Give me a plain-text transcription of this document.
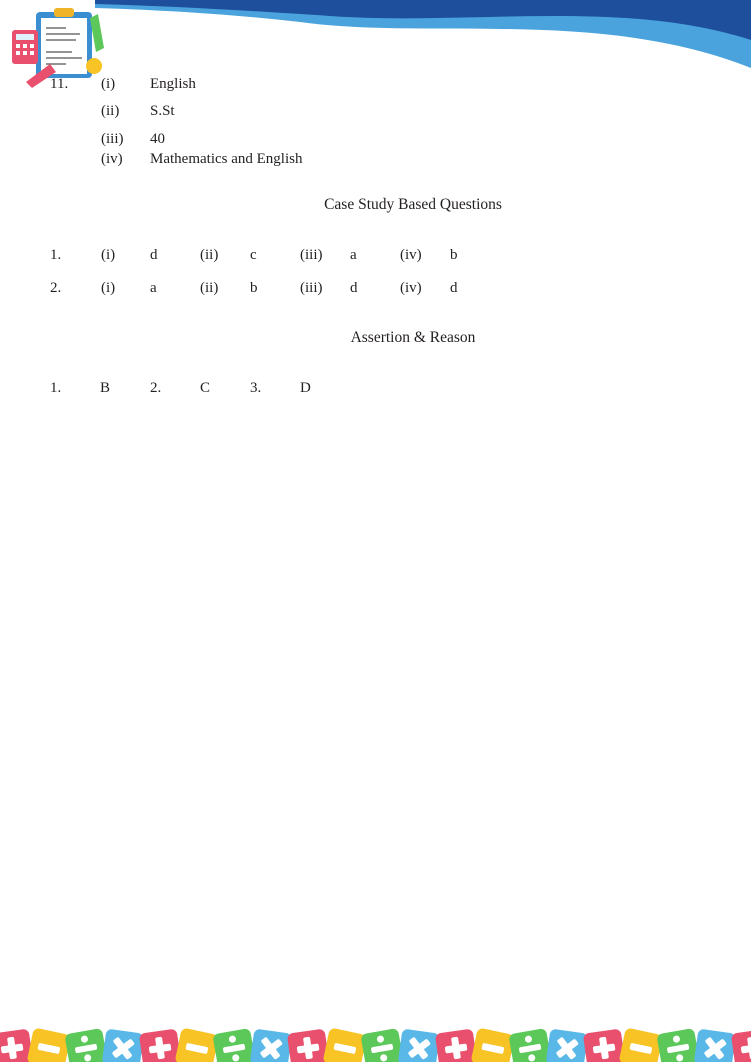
11. (i) English
(ii) S.St
(iii) 40
(iv) Mathematics and English
Case Study Based Questions
1.	(i) d	(ii) c	(iii) a	(iv) b
2.	(i) a	(ii) b	(iii) d	(iv) d
Assertion & Reason
1.	B	2.	C	3.	D
